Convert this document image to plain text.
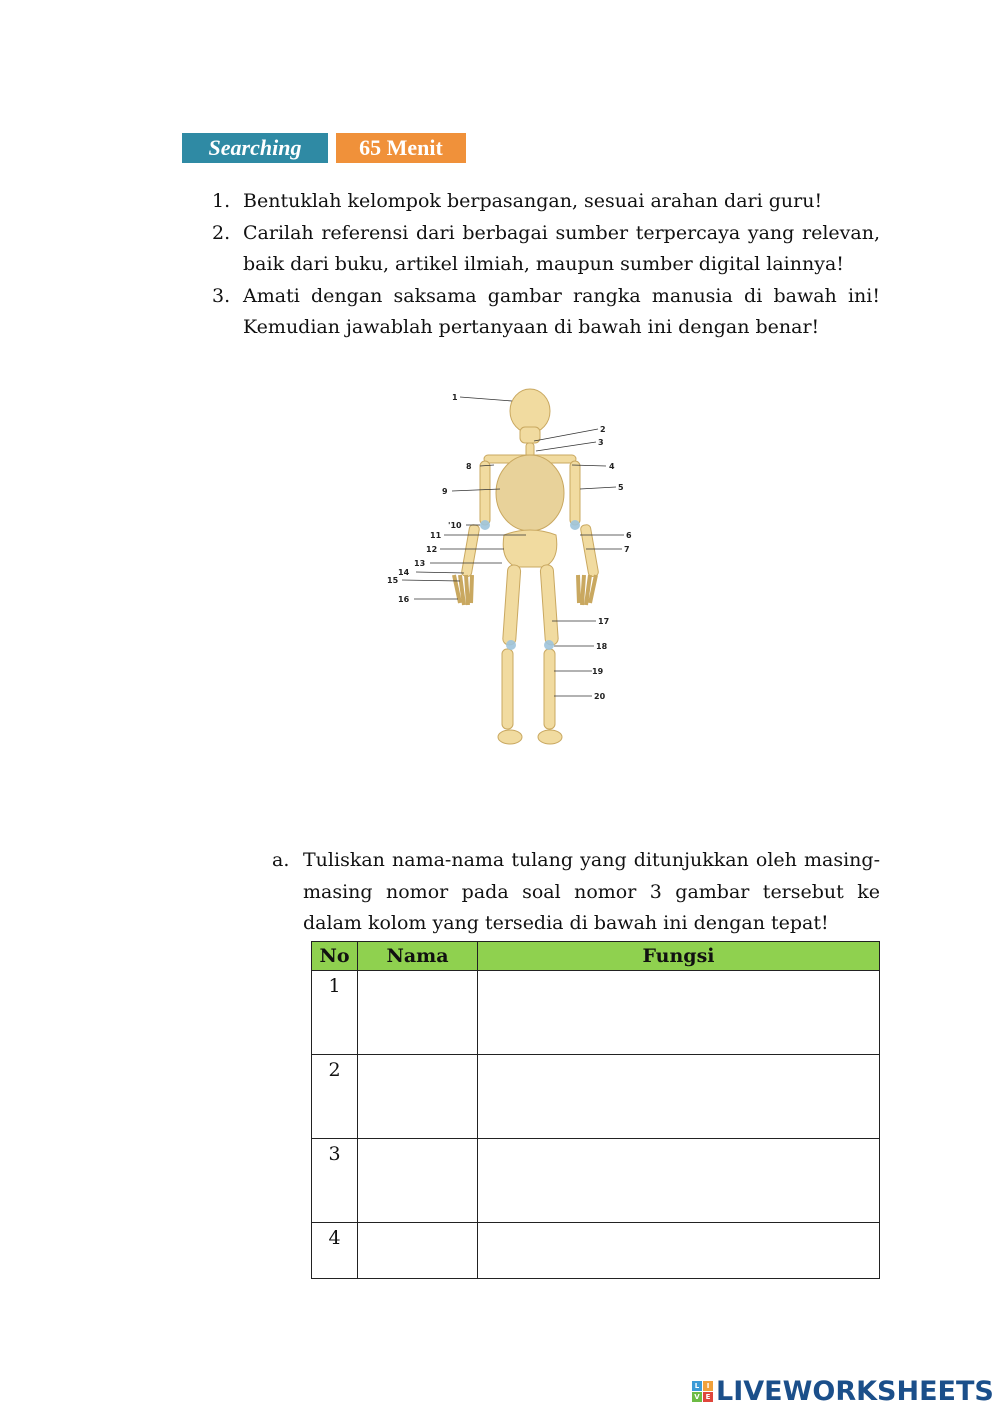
Searching	65 Menit
1. Bentuklah kelompok berpasangan, sesuai arahan dari guru!
2. Carilah referensi dari berbagai sumber terpercaya yang relevan, baik dari buku, artikel ilmiah, maupun sumber digital lainnya!
3. Amati dengan saksama gambar rangka manusia di bawah ini! Kemudian jawablah pertanyaan di bawah ini dengan benar!
1
2
3
4
5
6
7
8
9
'10
11
12
13
14
15
16
17
18
19
20
a. Tuliskan nama-nama tulang yang ditunjukkan oleh masing-masing nomor pada soal nomor 3 gambar tersebut ke dalam kolom yang tersedia di bawah ini dengan tepat!
No	Nama	Fungsi
1		
2		
3		
4		
L	I
V E LIVEWORKSHEETS
